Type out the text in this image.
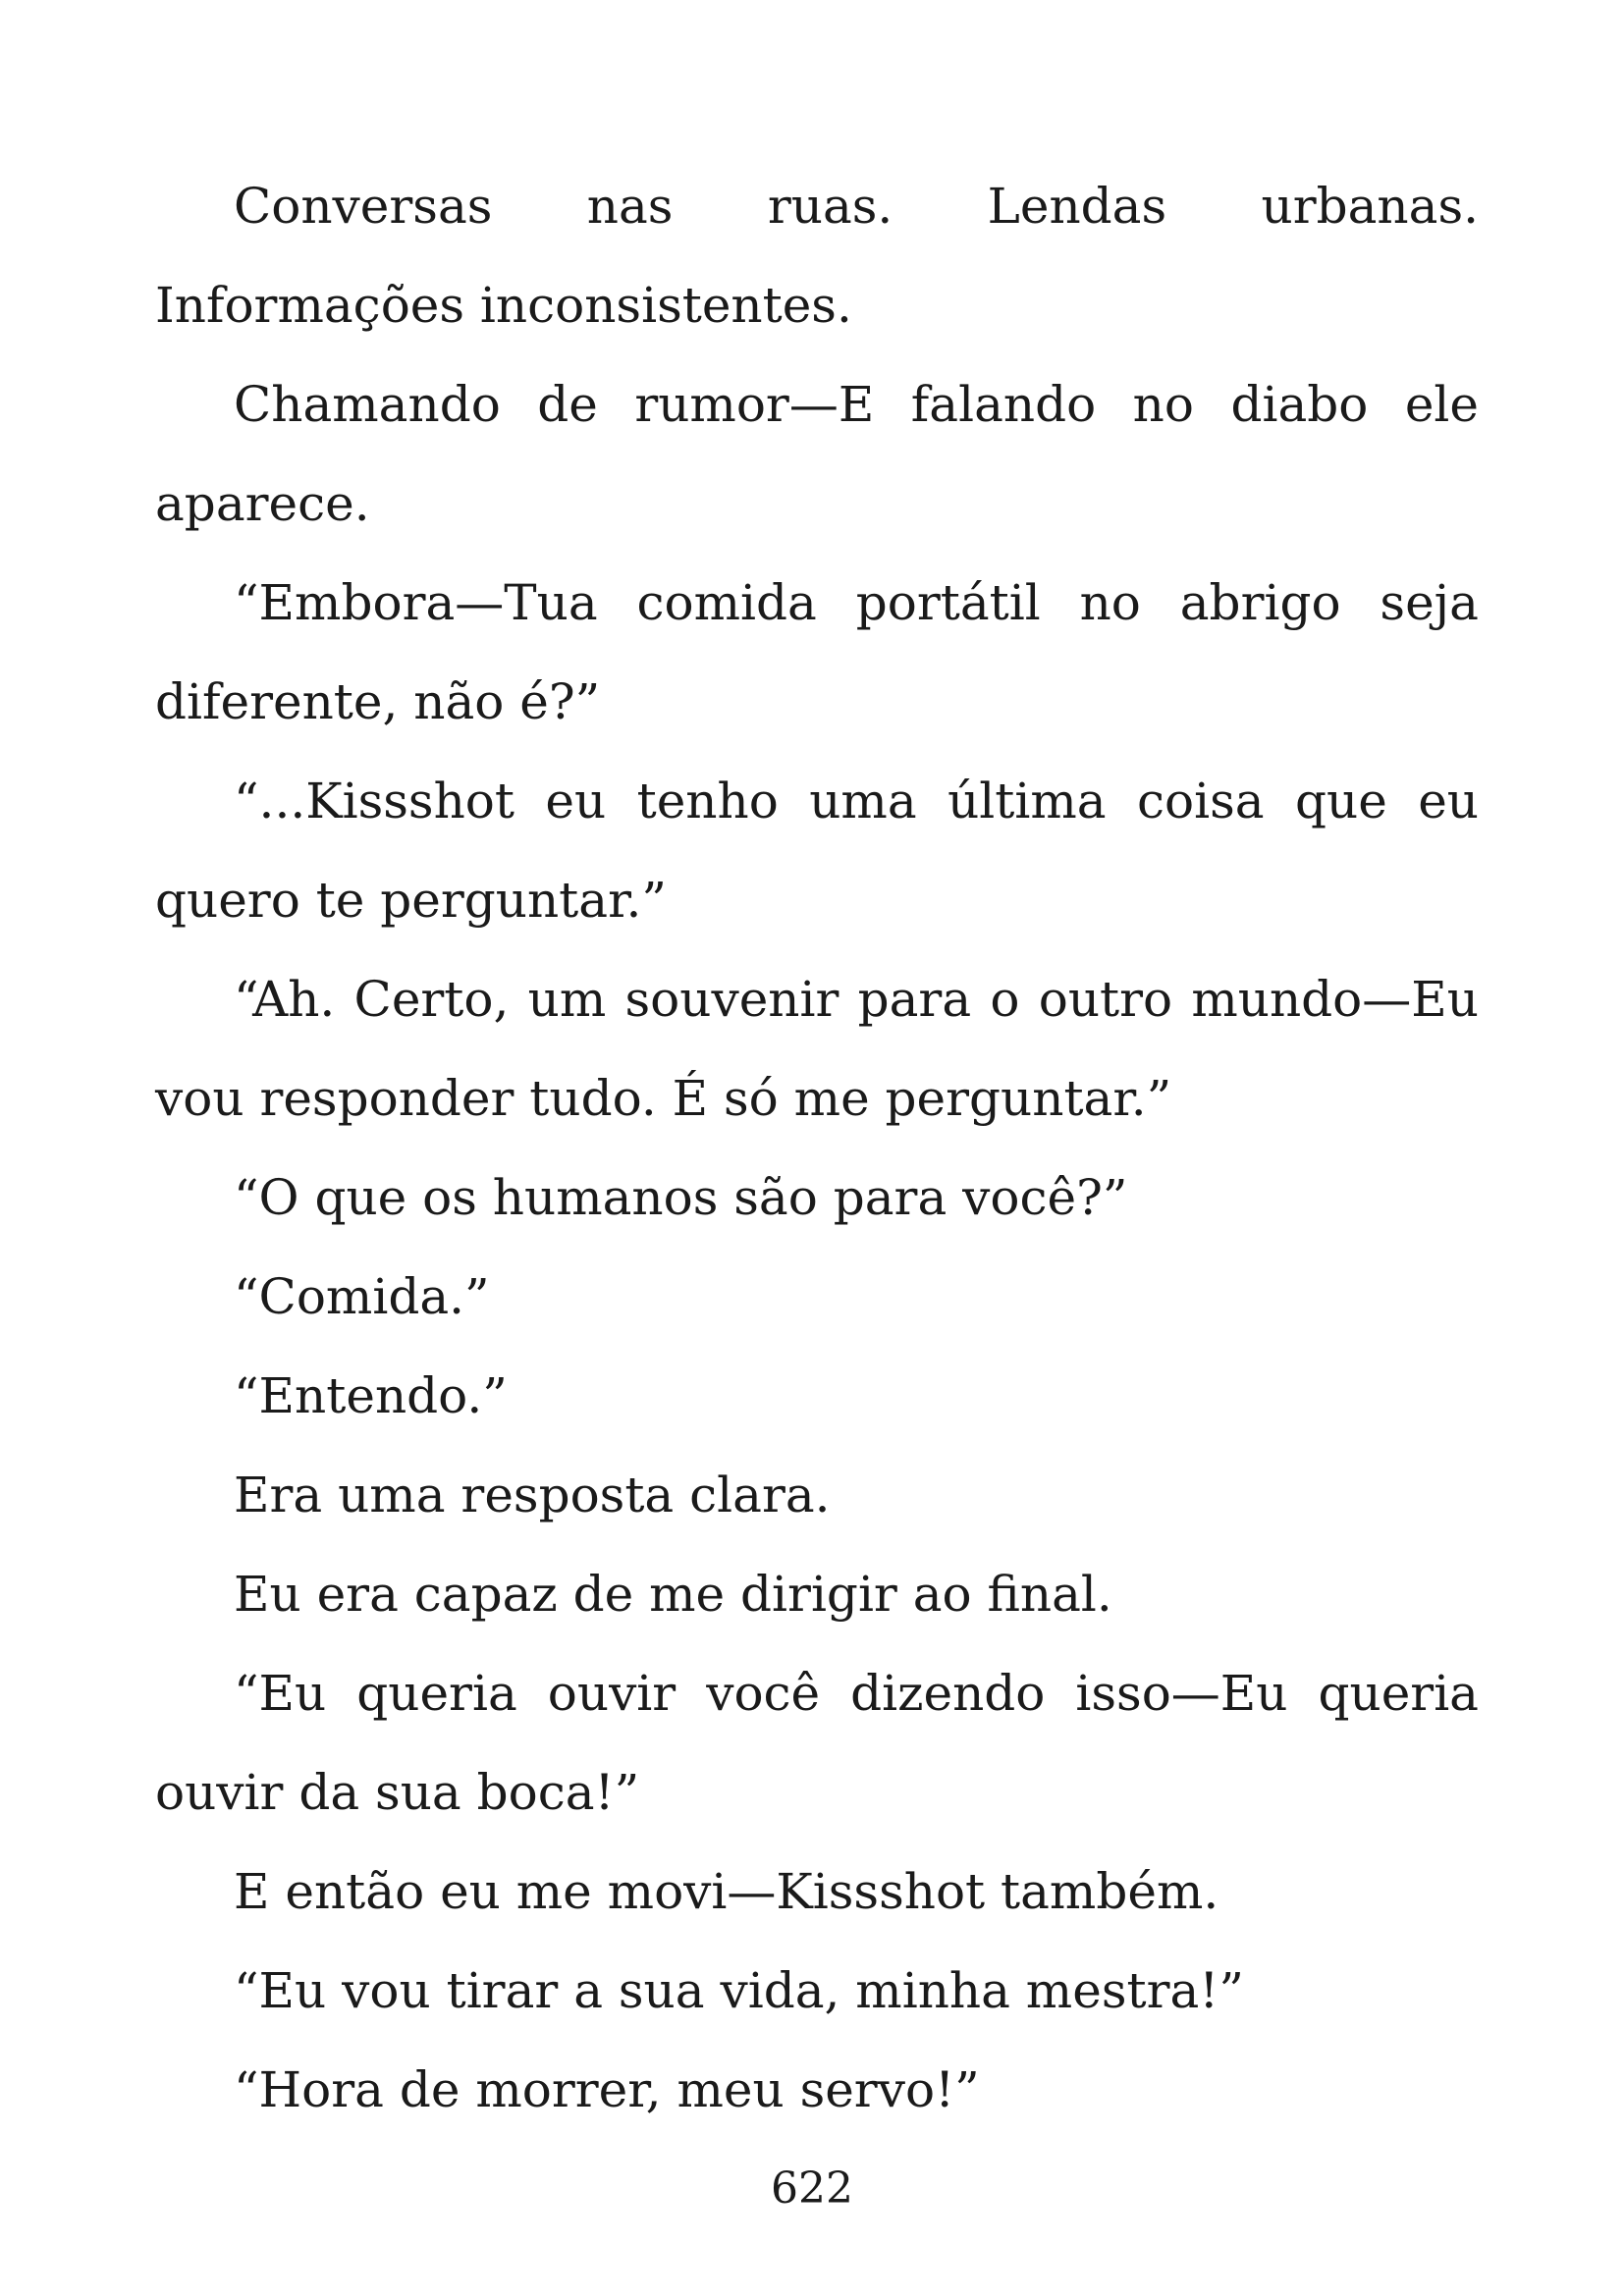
Conversas nas ruas. Lendas urbanas. Informações inconsistentes.

Chamando de rumor—E falando no diabo ele aparece.

“Embora—Tua comida portátil no abrigo seja diferente, não é?”

“...Kissshot eu tenho uma última coisa que eu quero te perguntar.”

“Ah. Certo, um souvenir para o outro mundo—Eu vou responder tudo. É só me perguntar.”

“O que os humanos são para você?”

“Comida.”

“Entendo.”

Era uma resposta clara.

Eu era capaz de me dirigir ao final.

“Eu queria ouvir você dizendo isso—Eu queria ouvir da sua boca!”

E então eu me movi—Kissshot também.

“Eu vou tirar a sua vida, minha mestra!”

“Hora de morrer, meu servo!”

622
